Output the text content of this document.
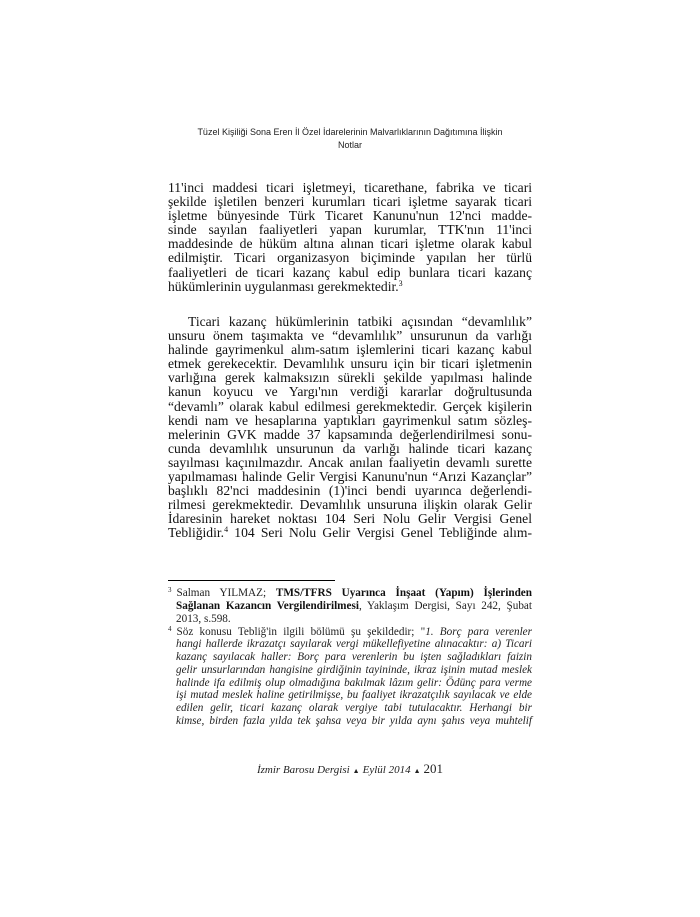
Tüzel Kişiliği Sona Eren İl Özel İdarelerinin Malvarlıklarının Dağıtımına İlişkin
Notlar
11'inci maddesi ticari işletmeyi, ticarethane, fabrika ve ticari
şekilde işletilen benzeri kurumları ticari işletme sayarak ticari
işletme bünyesinde Türk Ticaret Kanunu'nun 12'nci madde-
sinde sayılan faaliyetleri yapan kurumlar, TTK'nın 11'inci
maddesinde de hüküm altına alınan ticari işletme olarak kabul
edilmiştir. Ticari organizasyon biçiminde yapılan her türlü
faaliyetleri de ticari kazanç kabul edip bunlara ticari kazanç
hükümlerinin uygulanması gerekmektedir.$^3$
Ticari kazanç hükümlerinin tatbiki açısından “devamlılık”
unsuru önem taşımakta ve “devamlılık” unsurunun da varlığı
halinde gayrimenkul alım-satım işlemlerini ticari kazanç kabul
etmek gerekecektir. Devamlılık unsuru için bir ticari işletmenin
varlığına gerek kalmaksızın sürekli şekilde yapılması halinde
kanun koyucu ve Yargı'nın verdiği kararlar doğrultusunda
“devamlı” olarak kabul edilmesi gerekmektedir. Gerçek kişilerin
kendi nam ve hesaplarına yaptıkları gayrimenkul satım sözleş-
melerinin GVK madde 37 kapsamında değerlendirilmesi sonu-
cunda devamlılık unsurunun da varlığı halinde ticari kazanç
sayılması kaçınılmazdır. Ancak anılan faaliyetin devamlı surette
yapılmaması halinde Gelir Vergisi Kanunu'nun “Arızi Kazançlar”
başlıklı 82'nci maddesinin (1)'inci bendi uyarınca değerlendi-
rilmesi gerekmektedir. Devamlılık unsuruna ilişkin olarak Gelir
İdaresinin hareket noktası 104 Seri Nolu Gelir Vergisi Genel
Tebliğidir.$^4$ 104 Seri Nolu Gelir Vergisi Genel Tebliğinde alım-
$^3$ Salman YILMAZ; TMS/TFRS Uyarınca İnşaat (Yapım) İşlerinden
Sağlanan Kazancın Vergilendirilmesi, Yaklaşım Dergisi, Sayı 242, Şubat
2013, s.598.
$^4$ Söz konusu Tebliğ'in ilgili bölümü şu şekildedir; "1. Borç para verenler
hangi hallerde ikrazatçı sayılarak vergi mükellefiyetine alınacaktır: a) Ticari
kazanç sayılacak haller: Borç para verenlerin bu işten sağladıkları faizin
gelir unsurlarından hangisine girdiğinin tayininde, ikraz işinin mutad meslek
halinde ifa edilmiş olup olmadığına bakılmak lâzım gelir: Ödünç para verme
işi mutad meslek haline getirilmişse, bu faaliyet ikrazatçılık sayılacak ve elde
edilen gelir, ticari kazanç olarak vergiye tabi tutulacaktır. Herhangi bir
kimse, birden fazla yılda tek şahsa veya bir yılda aynı şahıs veya muhtelif
İzmir Barosu Dergisi ▲ Eylül 2014 ▲ 201
